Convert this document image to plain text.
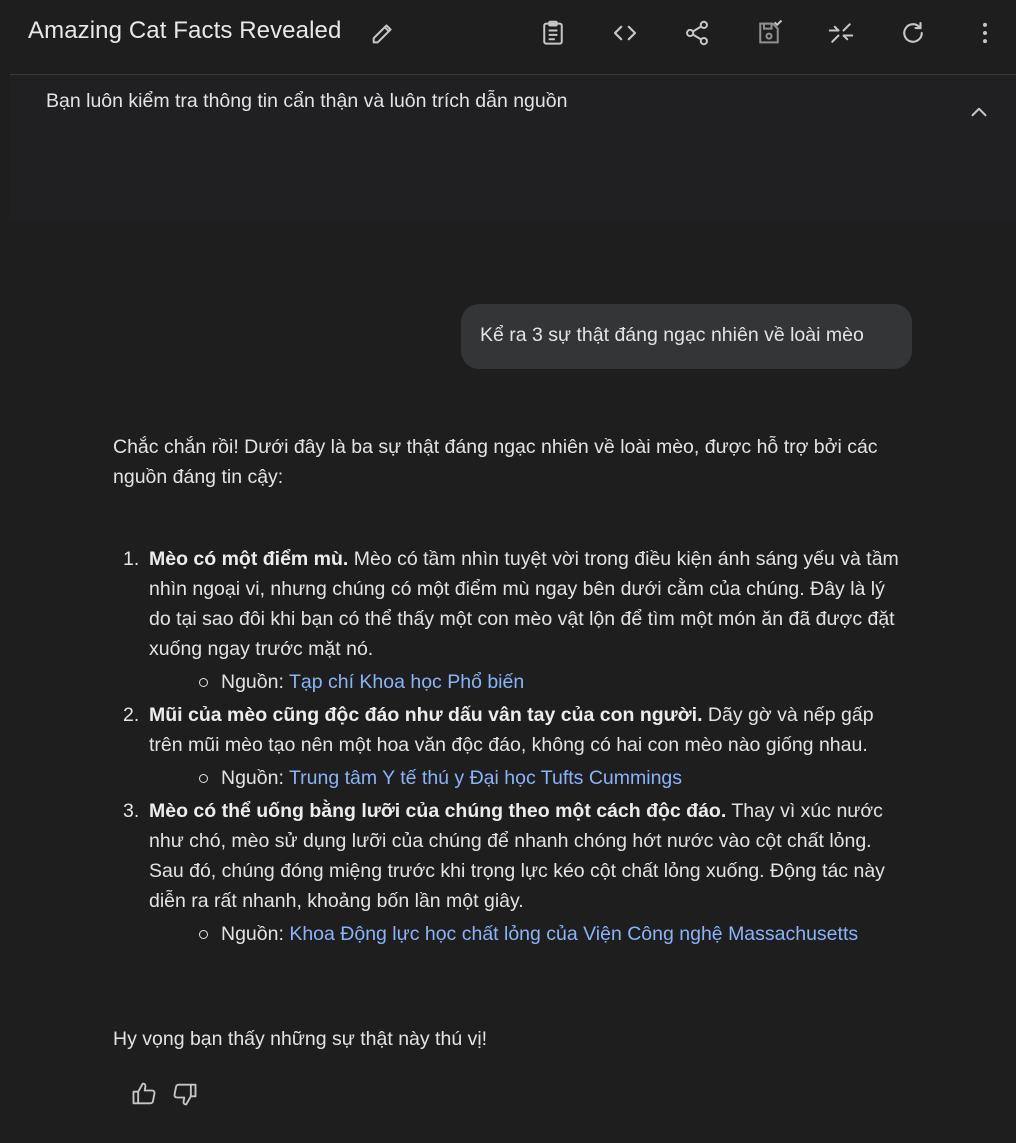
Amazing Cat Facts Revealed
Bạn luôn kiểm tra thông tin cẩn thận và luôn trích dẫn nguồn
Kể ra 3 sự thật đáng ngạc nhiên về loài mèo

Chắc chắn rồi! Dưới đây là ba sự thật đáng ngạc nhiên về loài mèo, được hỗ trợ bởi các nguồn đáng tin cậy:

1. Mèo có một điểm mù. Mèo có tầm nhìn tuyệt vời trong điều kiện ánh sáng yếu và tầm nhìn ngoại vi, nhưng chúng có một điểm mù ngay bên dưới cằm của chúng. Đây là lý do tại sao đôi khi bạn có thể thấy một con mèo vật lộn để tìm một món ăn đã được đặt xuống ngay trước mặt nó.
Nguồn: Tạp chí Khoa học Phổ biến
2. Mũi của mèo cũng độc đáo như dấu vân tay của con người. Dãy gờ và nếp gấp trên mũi mèo tạo nên một hoa văn độc đáo, không có hai con mèo nào giống nhau.
Nguồn: Trung tâm Y tế thú y Đại học Tufts Cummings
3. Mèo có thể uống bằng lưỡi của chúng theo một cách độc đáo. Thay vì xúc nước như chó, mèo sử dụng lưỡi của chúng để nhanh chóng hớt nước vào cột chất lỏng. Sau đó, chúng đóng miệng trước khi trọng lực kéo cột chất lỏng xuống. Động tác này diễn ra rất nhanh, khoảng bốn lần một giây.
Nguồn: Khoa Động lực học chất lỏng của Viện Công nghệ Massachusetts
Hy vọng bạn thấy những sự thật này thú vị!
